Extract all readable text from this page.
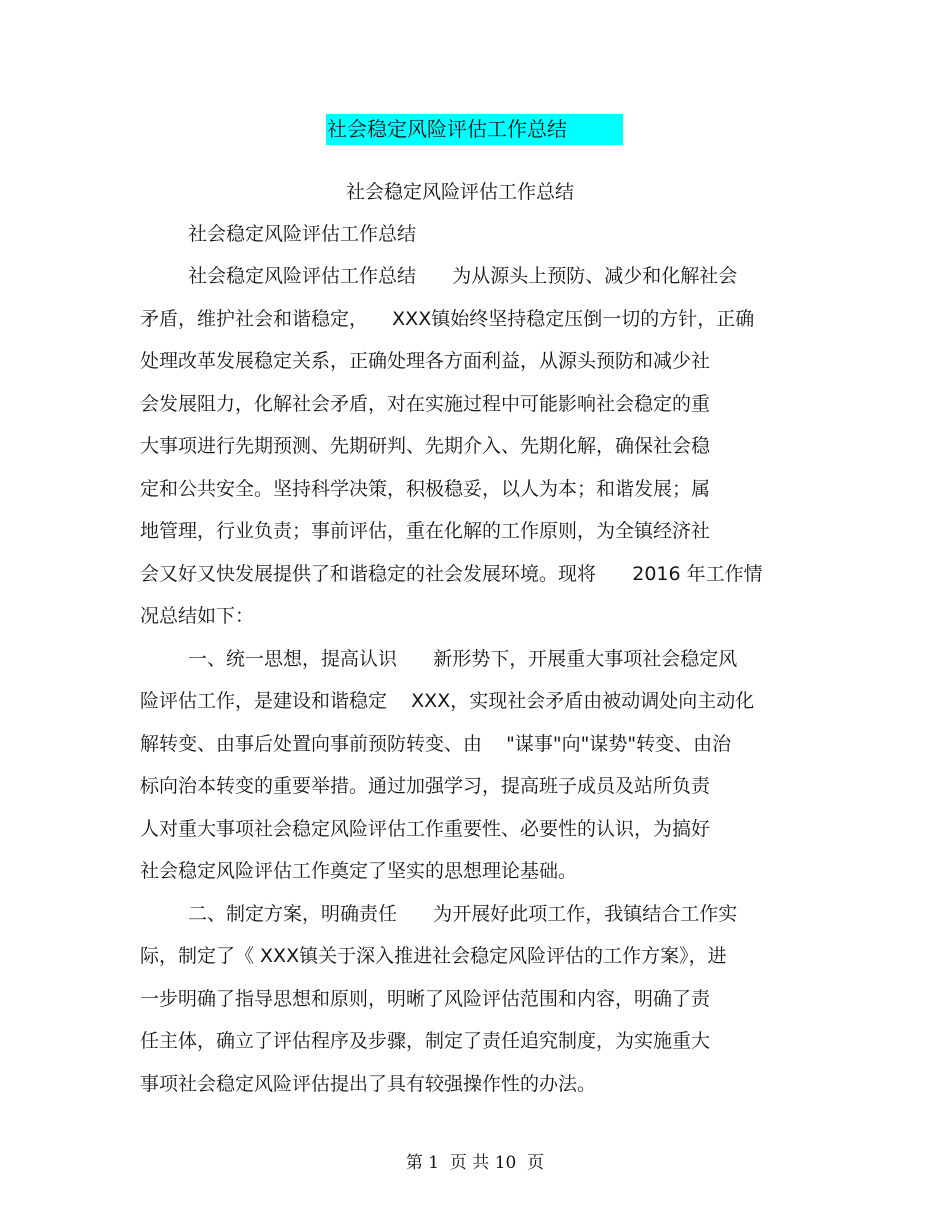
社会稳定风险评估工作总结
社会稳定风险评估工作总结
社会稳定风险评估工作总结
社会稳定风险评估工作总结      为从源头上预防、减少和化解社会
矛盾，维护社会和谐稳定，    XXX镇始终坚持稳定压倒一切的方针，正确
处理改革发展稳定关系，正确处理各方面利益，从源头预防和减少社
会发展阻力，化解社会矛盾，对在实施过程中可能影响社会稳定的重
大事项进行先期预测、先期研判、先期介入、先期化解，确保社会稳
定和公共安全。坚持科学决策，积极稳妥，以人为本；和谐发展；属
地管理，行业负责；事前评估，重在化解的工作原则，为全镇经济社
会又好又快发展提供了和谐稳定的社会发展环境。现将      2016 年工作情
况总结如下：
一、统一思想，提高认识      新形势下，开展重大事项社会稳定风
险评估工作，是建设和谐稳定    XXX，实现社会矛盾由被动调处向主动化
解转变、由事后处置向事前预防转变、由    "谋事"向"谋势"转变、由治
标向治本转变的重要举措。通过加强学习，提高班子成员及站所负责
人对重大事项社会稳定风险评估工作重要性、必要性的认识，为搞好
社会稳定风险评估工作奠定了坚实的思想理论基础。
二、制定方案，明确责任      为开展好此项工作，我镇结合工作实
际，制定了《 XXX镇关于深入推进社会稳定风险评估的工作方案》，进
一步明确了指导思想和原则，明晰了风险评估范围和内容，明确了责
任主体，确立了评估程序及步骤，制定了责任追究制度，为实施重大
事项社会稳定风险评估提出了具有较强操作性的办法。
第 1  页 共 10  页
